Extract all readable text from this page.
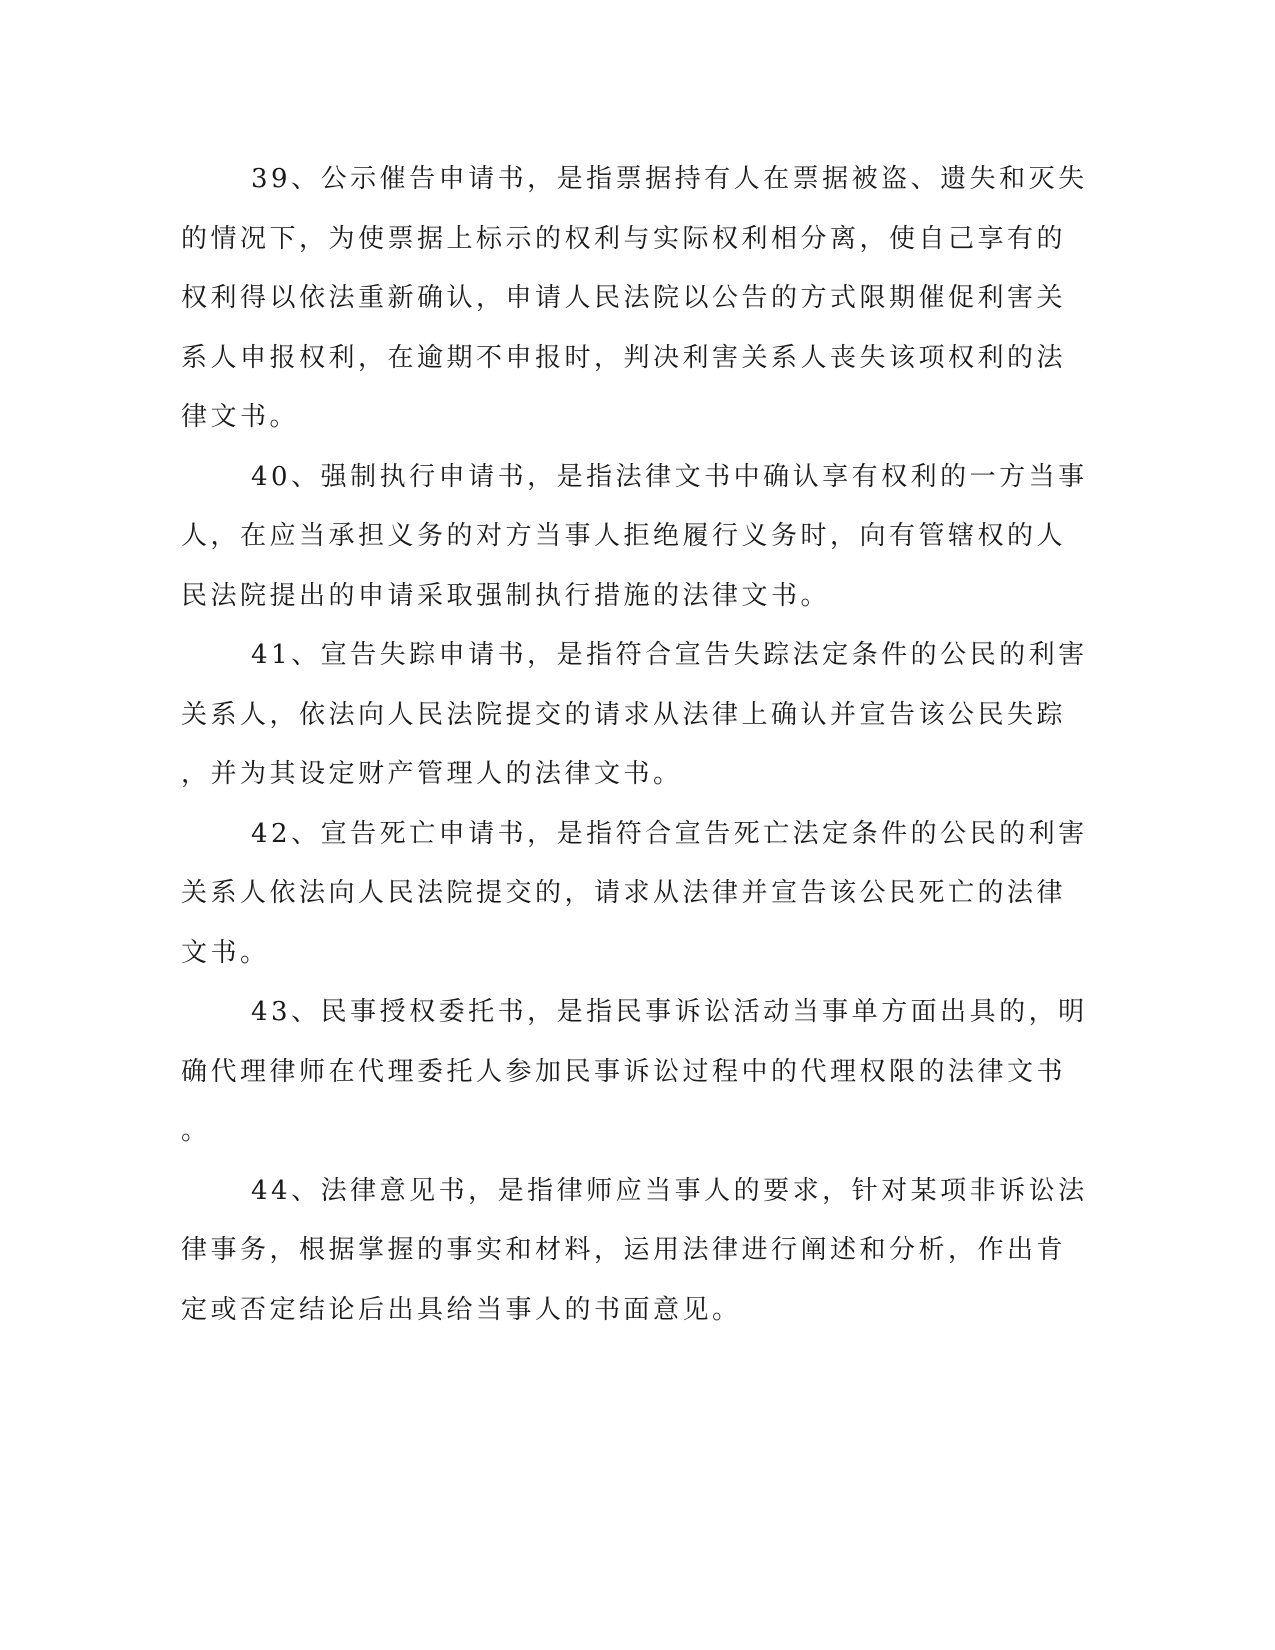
39、公示催告申请书，是指票据持有人在票据被盗、遗失和灭失
的情况下，为使票据上标示的权利与实际权利相分离，使自己享有的
权利得以依法重新确认，申请人民法院以公告的方式限期催促利害关
系人申报权利，在逾期不申报时，判决利害关系人丧失该项权利的法
律文书。
40、强制执行申请书，是指法律文书中确认享有权利的一方当事
人，在应当承担义务的对方当事人拒绝履行义务时，向有管辖权的人
民法院提出的申请采取强制执行措施的法律文书。
41、宣告失踪申请书，是指符合宣告失踪法定条件的公民的利害
关系人，依法向人民法院提交的请求从法律上确认并宣告该公民失踪
，并为其设定财产管理人的法律文书。
42、宣告死亡申请书，是指符合宣告死亡法定条件的公民的利害
关系人依法向人民法院提交的，请求从法律并宣告该公民死亡的法律
文书。
43、民事授权委托书，是指民事诉讼活动当事单方面出具的，明
确代理律师在代理委托人参加民事诉讼过程中的代理权限的法律文书
。
44、法律意见书，是指律师应当事人的要求，针对某项非诉讼法
律事务，根据掌握的事实和材料，运用法律进行阐述和分析，作出肯
定或否定结论后出具给当事人的书面意见。
